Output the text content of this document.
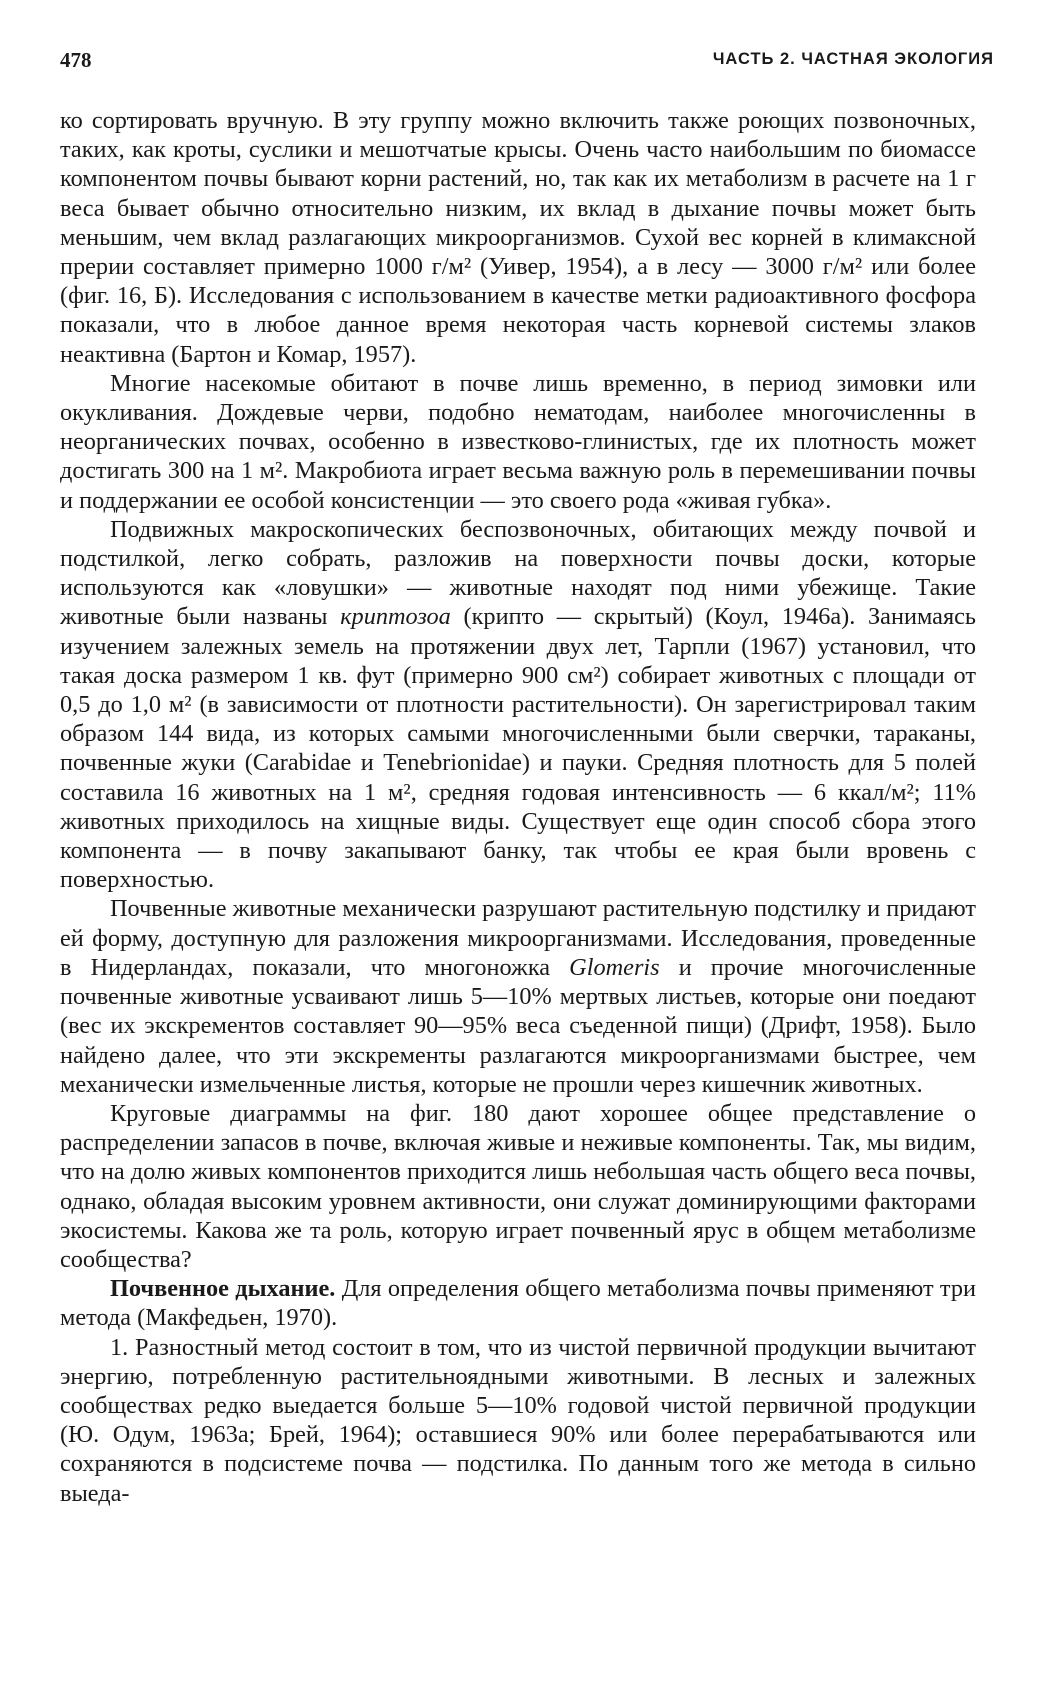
478	ЧАСТЬ 2. ЧАСТНАЯ ЭКОЛОГИЯ

ко сортировать вручную. В эту группу можно включить также роющих позвоночных, таких, как кроты, суслики и мешотчатые крысы. Очень часто наибольшим по биомассе компонентом почвы бывают корни растений, но, так как их метаболизм в расчете на 1 г веса бывает обычно относительно низким, их вклад в дыхание почвы может быть меньшим, чем вклад разлагающих микроорганизмов. Сухой вес корней в климаксной прерии составляет примерно 1000 г/м² (Уивер, 1954), а в лесу — 3000 г/м² или более (фиг. 16, Б). Исследования с использованием в качестве метки радиоактивного фосфора показали, что в любое данное время некоторая часть корневой системы злаков неактивна (Бартон и Комар, 1957).

Многие насекомые обитают в почве лишь временно, в период зимовки или окукливания. Дождевые черви, подобно нематодам, наиболее многочисленны в неорганических почвах, особенно в известково-глинистых, где их плотность может достигать 300 на 1 м². Макробиота играет весьма важную роль в перемешивании почвы и поддержании ее особой консистенции — это своего рода «живая губка».

Подвижных макроскопических беспозвоночных, обитающих между почвой и подстилкой, легко собрать, разложив на поверхности почвы доски, которые используются как «ловушки» — животные находят под ними убежище. Такие животные были названы криптозоа (крипто — скрытый) (Коул, 1946а). Занимаясь изучением залежных земель на протяжении двух лет, Тарпли (1967) установил, что такая доска размером 1 кв. фут (примерно 900 см²) собирает животных с площади от 0,5 до 1,0 м² (в зависимости от плотности растительности). Он зарегистрировал таким образом 144 вида, из которых самыми многочисленными были сверчки, тараканы, почвенные жуки (Carabidae и Tenebrionidae) и пауки. Средняя плотность для 5 полей составила 16 животных на 1 м², средняя годовая интенсивность — 6 ккал/м²; 11% животных приходилось на хищные виды. Существует еще один способ сбора этого компонента — в почву закапывают банку, так чтобы ее края были вровень с поверхностью.

Почвенные животные механически разрушают растительную подстилку и придают ей форму, доступную для разложения микроорганизмами. Исследования, проведенные в Нидерландах, показали, что многоножка Glomeris и прочие многочисленные почвенные животные усваивают лишь 5—10% мертвых листьев, которые они поедают (вес их экскрементов составляет 90—95% веса съеденной пищи) (Дрифт, 1958). Было найдено далее, что эти экскременты разлагаются микроорганизмами быстрее, чем механически измельченные листья, которые не прошли через кишечник животных.

Круговые диаграммы на фиг. 180 дают хорошее общее представление о распределении запасов в почве, включая живые и неживые компоненты. Так, мы видим, что на долю живых компонентов приходится лишь небольшая часть общего веса почвы, однако, обладая высоким уровнем активности, они служат доминирующими факторами экосистемы. Какова же та роль, которую играет почвенный ярус в общем метаболизме сообщества?

Почвенное дыхание. Для определения общего метаболизма почвы применяют три метода (Макфедьен, 1970).

1. Разностный метод состоит в том, что из чистой первичной продукции вычитают энергию, потребленную растительноядными животными. В лесных и залежных сообществах редко выедается больше 5—10% годовой чистой первичной продукции (Ю. Одум, 1963а; Брей, 1964); оставшиеся 90% или более перерабатываются или сохраняются в подсистеме почва — подстилка. По данным того же метода в сильно выеда-
